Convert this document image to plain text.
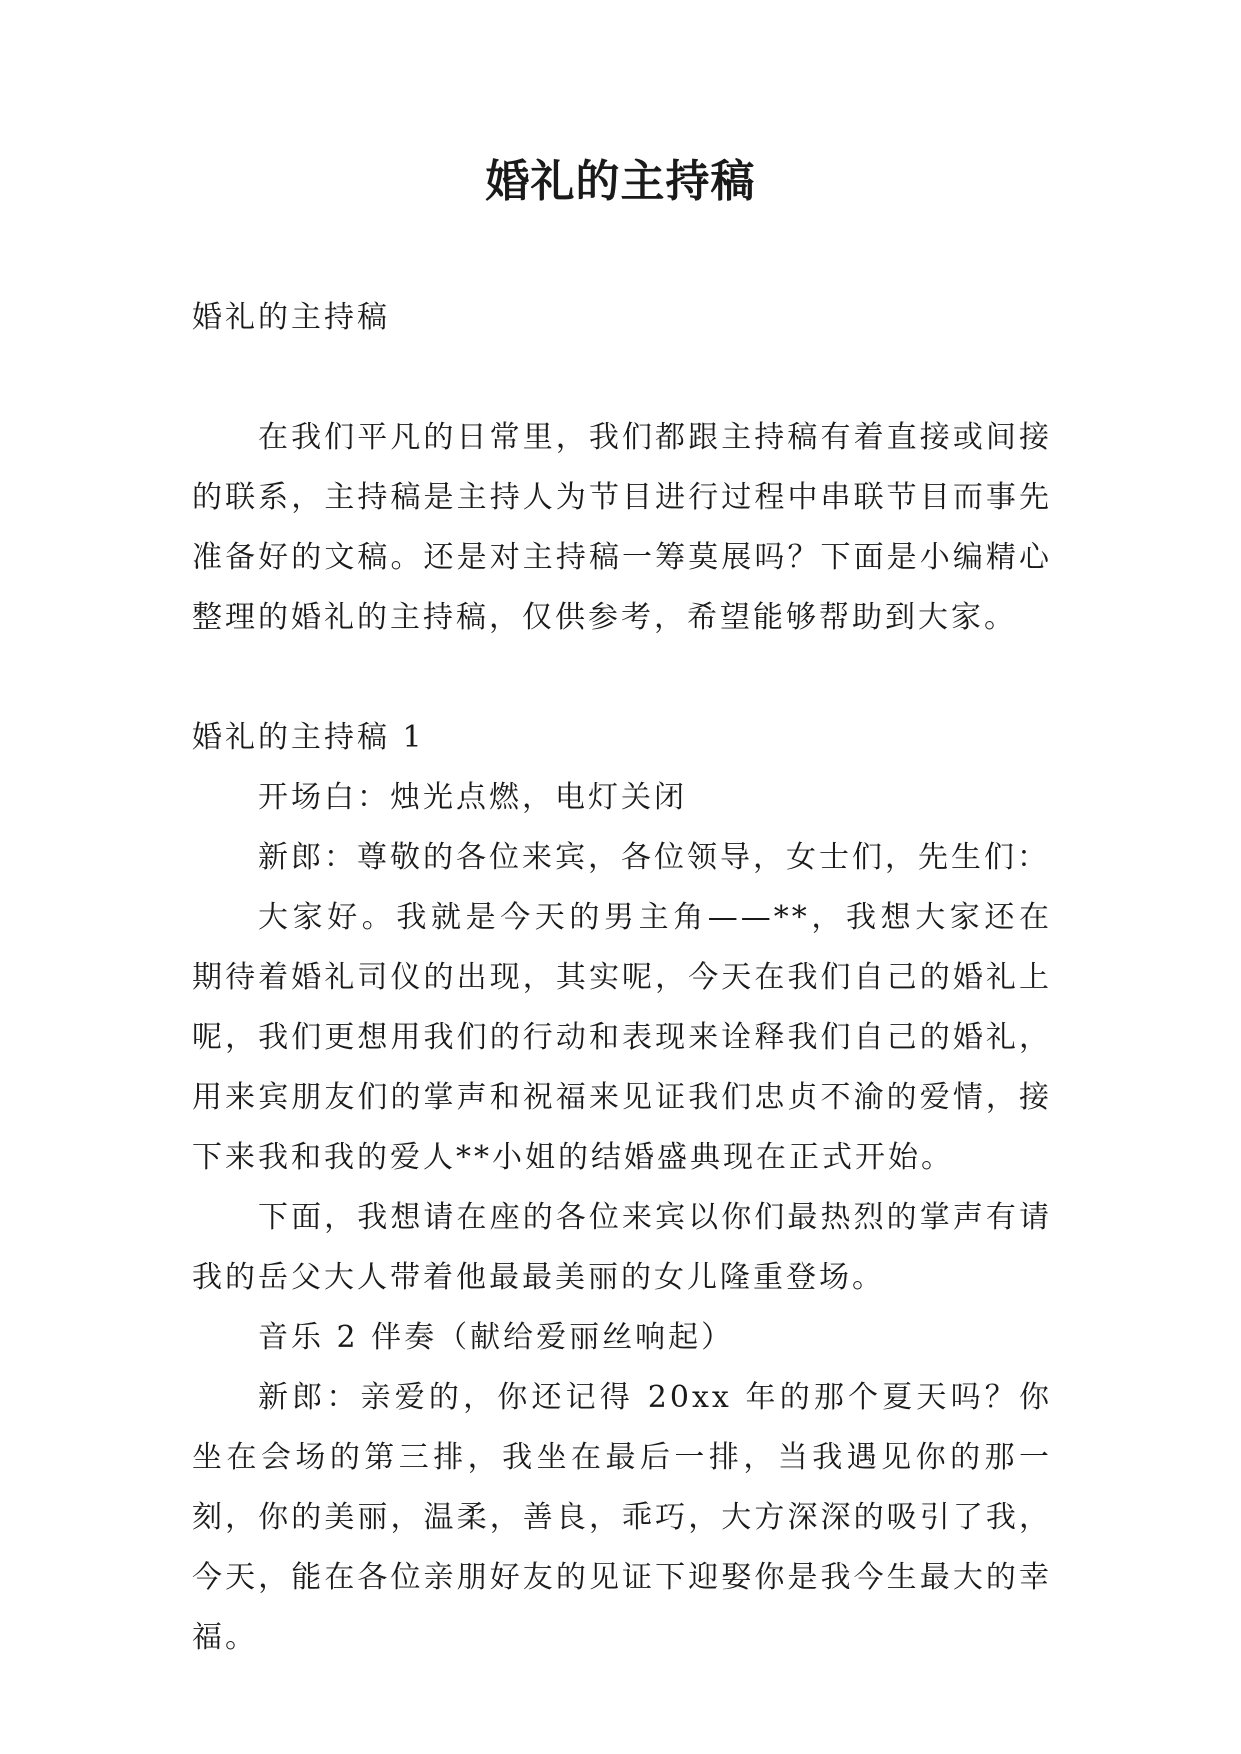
婚礼的主持稿

婚礼的主持稿

在我们平凡的日常里，我们都跟主持稿有着直接或间接的联系，主持稿是主持人为节目进行过程中串联节目而事先准备好的文稿。还是对主持稿一筹莫展吗？下面是小编精心整理的婚礼的主持稿，仅供参考，希望能够帮助到大家。

婚礼的主持稿 1

开场白：烛光点燃，电灯关闭

新郎：尊敬的各位来宾，各位领导，女士们，先生们：

大家好。我就是今天的男主角——**，我想大家还在期待着婚礼司仪的出现，其实呢，今天在我们自己的婚礼上呢，我们更想用我们的行动和表现来诠释我们自己的婚礼，用来宾朋友们的掌声和祝福来见证我们忠贞不渝的爱情，接下来我和我的爱人**小姐的结婚盛典现在正式开始。

下面，我想请在座的各位来宾以你们最热烈的掌声有请我的岳父大人带着他最最美丽的女儿隆重登场。

音乐 2 伴奏（献给爱丽丝响起）

新郎：亲爱的，你还记得 20xx 年的那个夏天吗？你坐在会场的第三排，我坐在最后一排，当我遇见你的那一刻，你的美丽，温柔，善良，乖巧，大方深深的吸引了我，今天，能在各位亲朋好友的见证下迎娶你是我今生最大的幸福。
